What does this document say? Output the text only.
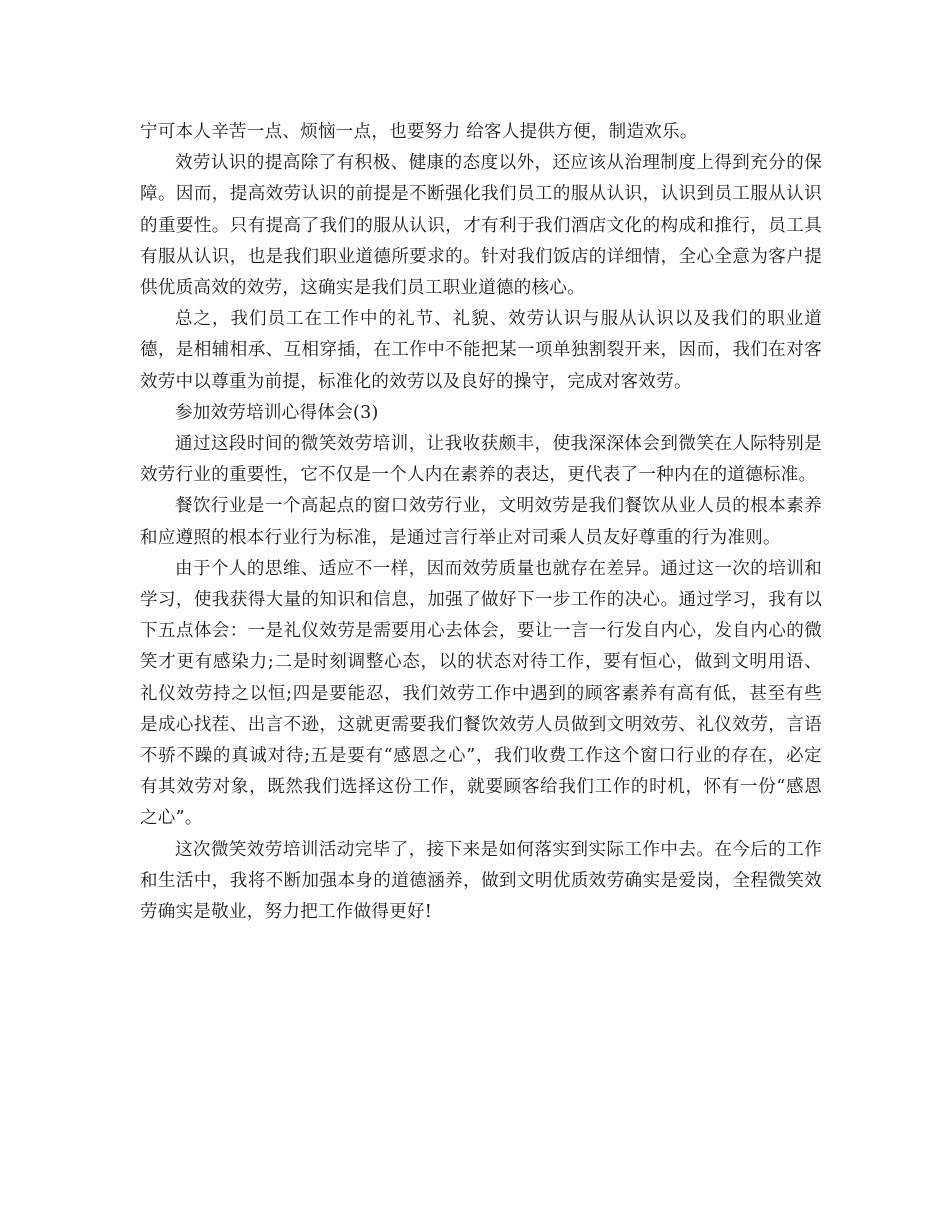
宁可本人辛苦一点、烦恼一点，也要努力 给客人提供方便，制造欢乐。

效劳认识的提高除了有积极、健康的态度以外，还应该从治理制度上得到充分的保障。因而，提高效劳认识的前提是不断强化我们员工的服从认识，认识到员工服从认识的重要性。只有提高了我们的服从认识，才有利于我们酒店文化的构成和推行，员工具有服从认识，也是我们职业道德所要求的。针对我们饭店的详细情，全心全意为客户提供优质高效的效劳，这确实是我们员工职业道德的核心。

总之，我们员工在工作中的礼节、礼貌、效劳认识与服从认识以及我们的职业道德，是相辅相承、互相穿插，在工作中不能把某一项单独割裂开来，因而，我们在对客效劳中以尊重为前提，标准化的效劳以及良好的操守，完成对客效劳。

参加效劳培训心得体会(3)

通过这段时间的微笑效劳培训，让我收获颇丰，使我深深体会到微笑在人际特别是效劳行业的重要性，它不仅是一个人内在素养的表达，更代表了一种内在的道德标准。

餐饮行业是一个高起点的窗口效劳行业，文明效劳是我们餐饮从业人员的根本素养和应遵照的根本行业行为标准，是通过言行举止对司乘人员友好尊重的行为准则。

由于个人的思维、适应不一样，因而效劳质量也就存在差异。通过这一次的培训和学习，使我获得大量的知识和信息，加强了做好下一步工作的决心。通过学习，我有以下五点体会：一是礼仪效劳是需要用心去体会，要让一言一行发自内心，发自内心的微笑才更有感染力;二是时刻调整心态，以的状态对待工作，要有恒心，做到文明用语、礼仪效劳持之以恒;四是要能忍，我们效劳工作中遇到的顾客素养有高有低，甚至有些是成心找茬、出言不逊，这就更需要我们餐饮效劳人员做到文明效劳、礼仪效劳，言语不骄不躁的真诚对待;五是要有“感恩之心”，我们收费工作这个窗口行业的存在，必定有其效劳对象，既然我们选择这份工作，就要顾客给我们工作的时机，怀有一份“感恩之心”。

这次微笑效劳培训活动完毕了，接下来是如何落实到实际工作中去。在今后的工作和生活中，我将不断加强本身的道德涵养，做到文明优质效劳确实是爱岗，全程微笑效劳确实是敬业，努力把工作做得更好!
